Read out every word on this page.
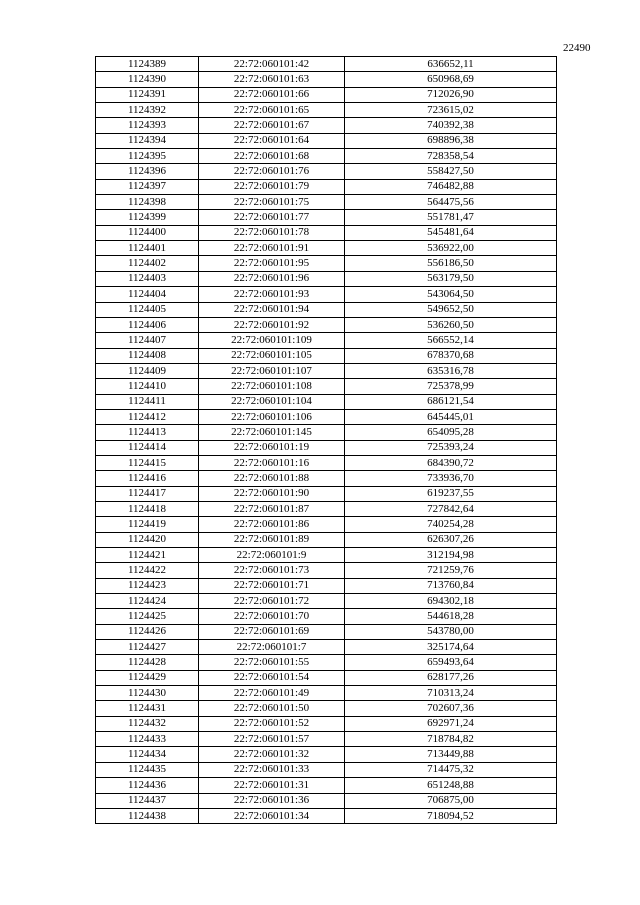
22490
1124389	22:72:060101:42	636652,11
1124390	22:72:060101:63	650968,69
1124391	22:72:060101:66	712026,90
1124392	22:72:060101:65	723615,02
1124393	22:72:060101:67	740392,38
1124394	22:72:060101:64	698896,38
1124395	22:72:060101:68	728358,54
1124396	22:72:060101:76	558427,50
1124397	22:72:060101:79	746482,88
1124398	22:72:060101:75	564475,56
1124399	22:72:060101:77	551781,47
1124400	22:72:060101:78	545481,64
1124401	22:72:060101:91	536922,00
1124402	22:72:060101:95	556186,50
1124403	22:72:060101:96	563179,50
1124404	22:72:060101:93	543064,50
1124405	22:72:060101:94	549652,50
1124406	22:72:060101:92	536260,50
1124407	22:72:060101:109	566552,14
1124408	22:72:060101:105	678370,68
1124409	22:72:060101:107	635316,78
1124410	22:72:060101:108	725378,99
1124411	22:72:060101:104	686121,54
1124412	22:72:060101:106	645445,01
1124413	22:72:060101:145	654095,28
1124414	22:72:060101:19	725393,24
1124415	22:72:060101:16	684390,72
1124416	22:72:060101:88	733936,70
1124417	22:72:060101:90	619237,55
1124418	22:72:060101:87	727842,64
1124419	22:72:060101:86	740254,28
1124420	22:72:060101:89	626307,26
1124421	22:72:060101:9	312194,98
1124422	22:72:060101:73	721259,76
1124423	22:72:060101:71	713760,84
1124424	22:72:060101:72	694302,18
1124425	22:72:060101:70	544618,28
1124426	22:72:060101:69	543780,00
1124427	22:72:060101:7	325174,64
1124428	22:72:060101:55	659493,64
1124429	22:72:060101:54	628177,26
1124430	22:72:060101:49	710313,24
1124431	22:72:060101:50	702607,36
1124432	22:72:060101:52	692971,24
1124433	22:72:060101:57	718784,82
1124434	22:72:060101:32	713449,88
1124435	22:72:060101:33	714475,32
1124436	22:72:060101:31	651248,88
1124437	22:72:060101:36	706875,00
1124438	22:72:060101:34	718094,52
